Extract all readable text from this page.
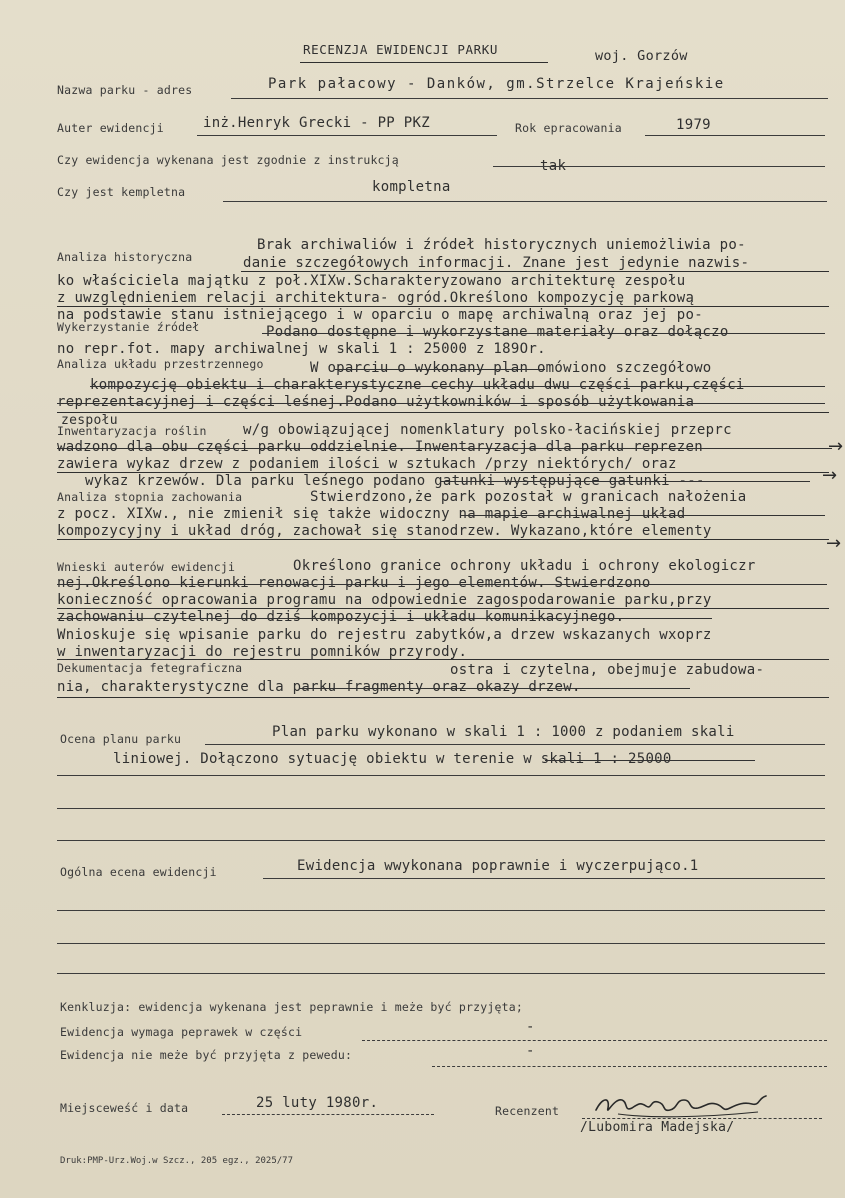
RECENZJA EWIDENCJI PARKU	woj. Gorzów
Nazwa parku - adres	Park pałacowy - Danków, gm.Strzelce Krajeńskie
Auter ewidencji	inż.Henryk Grecki - PP PKZ	Rok epracowania	1979
Czy ewidencja wykenana jest zgodnie z instrukcją	tak
Czy jest kempletna	kompletna
Brak archiwaliów i źródeł historycznych uniemożliwia po-
Analiza historyczna	danie szczegółowych informacji. Znane jest jedynie nazwis-
ko właściciela majątku z poł.XIXw.Scharakteryzowano architekturę zespołu
z uwzględnieniem relacji architektura- ogród.Określono kompozycję parkową
na podstawie stanu istniejącego i w oparciu o mapę archiwalną oraz jej po-
Wykerzystanie źródeł	Podano dostępne i wykorzystane materiały oraz dołączo
no repr.fot. mapy archiwalnej w skali 1 : 25000 z 189Or.
Analiza układu przestrzennego	W oparciu o wykonany plan omówiono szczegółowo
kompozycję obiektu i charakterystyczne cechy układu dwu części parku,części
reprezentacyjnej i części leśnej.Podano użytkowników i sposób użytkowania
zespołu
Inwentaryzacja roślin	w/g obowiązującej nomenklatury polsko-łacińskiej przeprc
wadzono dla obu części parku oddzielnie. Inwentaryzacja dla parku reprezen	→
zawiera wykaz drzew z podaniem ilości w sztukach /przy niektórych/ oraz
wykaz krzewów. Dla parku leśnego podano gatunki występujące gatunki ---	→
Analiza stopnia zachowania	Stwierdzono,że park pozostał w granicach nałożenia
z pocz. XIXw., nie zmienił się także widoczny na mapie archiwalnej układ
kompozycyjny i układ dróg, zachował się stanodrzew. Wykazano,które elementy
→
Wnieski auterów ewidencji	Określono granice ochrony układu i ochrony ekologiczr
nej.Określono kierunki renowacji parku i jego elementów. Stwierdzono
konieczność opracowania programu na odpowiednie zagospodarowanie parku,przy
zachowaniu czytelnej do dziś kompozycji i układu komunikacyjnego.
Wnioskuje się wpisanie parku do rejestru zabytków,a drzew wskazanych wxoprz
w inwentaryzacji do rejestru pomników przyrody.
Dekumentacja fetegraficzna	ostra i czytelna, obejmuje zabudowa-
nia, charakterystyczne dla parku fragmenty oraz okazy drzew.
Ocena planu parku	Plan parku wykonano w skali 1 : 1000 z podaniem skali
liniowej. Dołączono sytuację obiektu w terenie w skali 1 : 25000
Ogólna ecena ewidencji	Ewidencja wwykonana poprawnie i wyczerpująco.1
Kenkluzja: ewidencja wykenana jest peprawnie i meże być przyjęta;
Ewidencja wymaga peprawek w części	-
Ewidencja nie meże być przyjęta z pewedu:	-
Miejsceweść i data	25 luty 1980r.	Recenzent
/Lubomira Madejska/
Druk:PMP-Urz.Woj.w Szcz., 205 egz., 2025/77
